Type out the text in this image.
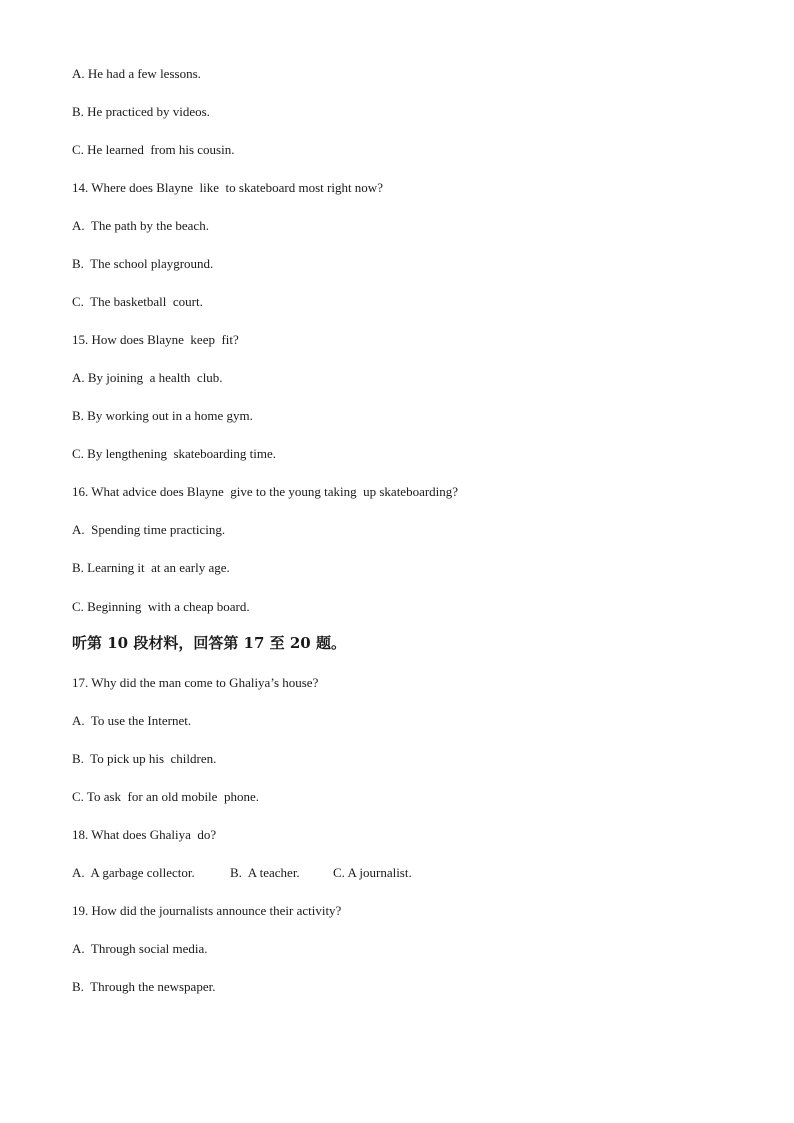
A. He had a few lessons.
B. He practiced by videos.
C. He learned  from his cousin.
14. Where does Blayne  like  to skateboard most right now?
A.  The path by the beach.
B.  The school playground.
C.  The basketball  court.
15. How does Blayne  keep  fit?
A. By joining  a health  club.
B. By working out in a home gym.
C. By lengthening  skateboarding time.
16. What advice does Blayne  give to the young taking  up skateboarding?
A.  Spending time practicing.
B. Learning it  at an early age.
C. Beginning  with a cheap board.
听第 10 段材料，回答第 17 至 20 题。
17. Why did the man come to Ghaliya’s house?
A.  To use the Internet.
B.  To pick up his  children.
C. To ask  for an old mobile  phone.
18. What does Ghaliya  do?

A.  A garbage collector.

	B.  A teacher.

	C. A journalist.

19. How did the journalists announce their activity?
A.  Through social media.
B.  Through the newspaper.
